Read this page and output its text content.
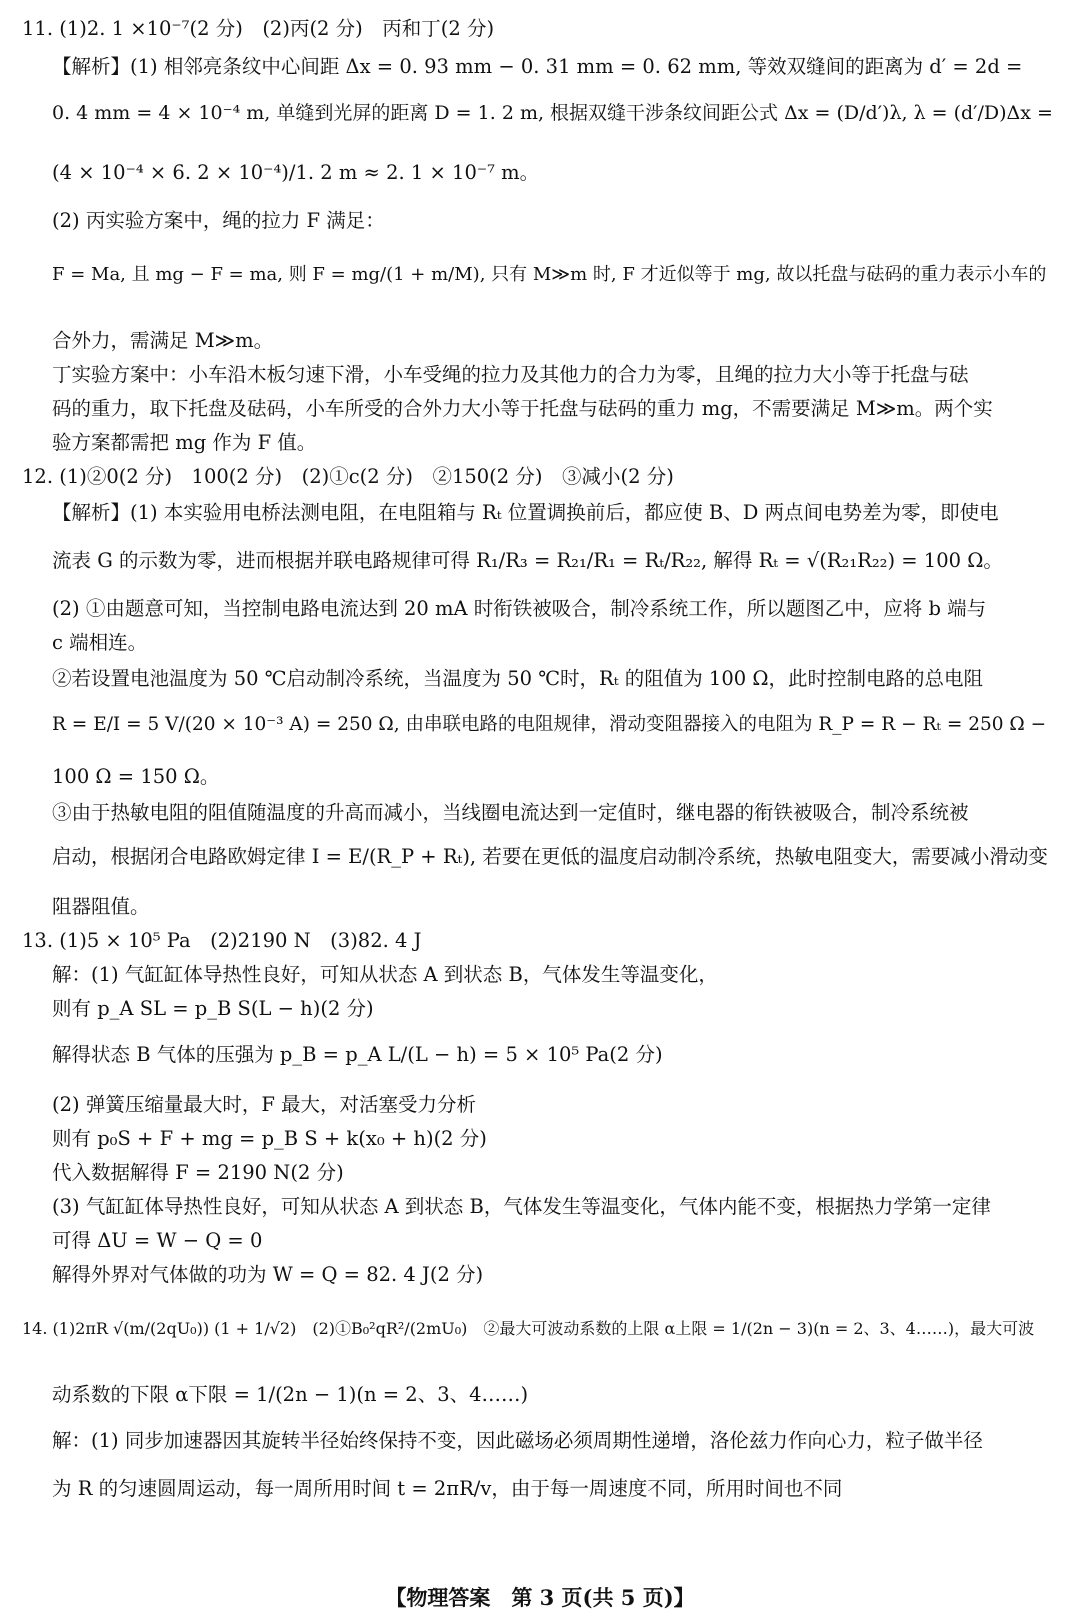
11. (1)2. 1 ×10⁻⁷(2 分)　(2)丙(2 分)　丙和丁(2 分)
【解析】(1) 相邻亮条纹中心间距 Δx = 0. 93 mm − 0. 31 mm = 0. 62 mm, 等效双缝间的距离为 d′ = 2d =
0. 4 mm = 4 × 10⁻⁴ m, 单缝到光屏的距离 D = 1. 2 m, 根据双缝干涉条纹间距公式 Δx = (D/d′)λ, λ = (d′/D)Δx =
(4 × 10⁻⁴ × 6. 2 × 10⁻⁴)/1. 2 m ≈ 2. 1 × 10⁻⁷ m。
(2) 丙实验方案中，绳的拉力 F 满足：
F = Ma, 且 mg − F = ma, 则 F = mg/(1 + m/M), 只有 M≫m 时, F 才近似等于 mg, 故以托盘与砝码的重力表示小车的
合外力，需满足 M≫m。
丁实验方案中：小车沿木板匀速下滑，小车受绳的拉力及其他力的合力为零，且绳的拉力大小等于托盘与砝
码的重力，取下托盘及砝码，小车所受的合外力大小等于托盘与砝码的重力 mg，不需要满足 M≫m。两个实
验方案都需把 mg 作为 F 值。
12. (1)②0(2 分)　100(2 分)　(2)①c(2 分)　②150(2 分)　③减小(2 分)
【解析】(1) 本实验用电桥法测电阻，在电阻箱与 Rₜ 位置调换前后，都应使 B、D 两点间电势差为零，即使电
流表 G 的示数为零，进而根据并联电路规律可得 R₁/R₃ = R₂₁/R₁ = Rₜ/R₂₂, 解得 Rₜ = √(R₂₁R₂₂) = 100 Ω。
(2) ①由题意可知，当控制电路电流达到 20 mA 时衔铁被吸合，制冷系统工作，所以题图乙中，应将 b 端与
c 端相连。
②若设置电池温度为 50 ℃启动制冷系统，当温度为 50 ℃时，Rₜ 的阻值为 100 Ω，此时控制电路的总电阻
R = E/I = 5 V/(20 × 10⁻³ A) = 250 Ω, 由串联电路的电阻规律，滑动变阻器接入的电阻为 R_P = R − Rₜ = 250 Ω −
100 Ω = 150 Ω。
③由于热敏电阻的阻值随温度的升高而减小，当线圈电流达到一定值时，继电器的衔铁被吸合，制冷系统被
启动，根据闭合电路欧姆定律 I = E/(R_P + Rₜ), 若要在更低的温度启动制冷系统，热敏电阻变大，需要减小滑动变
阻器阻值。
13. (1)5 × 10⁵ Pa　(2)2190 N　(3)82. 4 J
解：(1) 气缸缸体导热性良好，可知从状态 A 到状态 B，气体发生等温变化，
则有 p_A SL = p_B S(L − h)(2 分)
解得状态 B 气体的压强为 p_B = p_A L/(L − h) = 5 × 10⁵ Pa(2 分)
(2) 弹簧压缩量最大时，F 最大，对活塞受力分析
则有 p₀S + F + mg = p_B S + k(x₀ + h)(2 分)
代入数据解得 F = 2190 N(2 分)
(3) 气缸缸体导热性良好，可知从状态 A 到状态 B，气体发生等温变化，气体内能不变，根据热力学第一定律
可得 ΔU = W − Q = 0
解得外界对气体做的功为 W = Q = 82. 4 J(2 分)
14. (1)2πR √(m/(2qU₀)) (1 + 1/√2)　(2)①B₀²qR²/(2mU₀)　②最大可波动系数的上限 α上限 = 1/(2n − 3)(n = 2、3、4……)，最大可波
动系数的下限 α下限 = 1/(2n − 1)(n = 2、3、4……)
解：(1) 同步加速器因其旋转半径始终保持不变，因此磁场必须周期性递增，洛伦兹力作向心力，粒子做半径
为 R 的匀速圆周运动，每一周所用时间 t = 2πR/v，由于每一周速度不同，所用时间也不同
【物理答案　第 3 页(共 5 页)】
